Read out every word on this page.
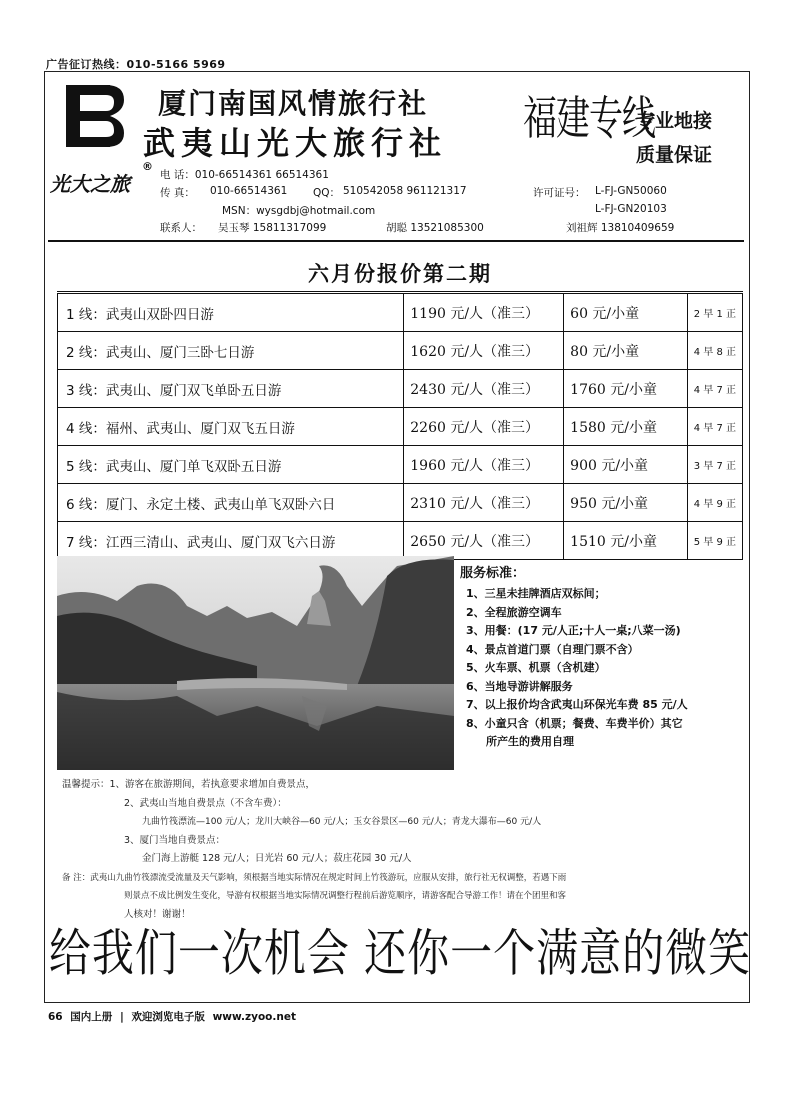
广告征订热线：010-5166 5969
光大之旅
®
厦门南国风情旅行社
武夷山光大旅行社 福建专线
专业地接
质量保证
电 话：010-66514361 66514361
传 真： 010-66514361 QQ： 510542058 961121317	许可证号： L-FJ-GN50060
L-FJ-GN20103
MSN：wysgdbj@hotmail.com
联系人： 吴玉琴 15811317099	胡聪 13521085300	刘祖辉 13810409659
六月份报价第二期
1 线：武夷山双卧四日游	1190 元/人（准三）	60 元/小童	2 早 1 正
2 线：武夷山、厦门三卧七日游	1620 元/人（准三）	80 元/小童	4 早 8 正
3 线：武夷山、厦门双飞单卧五日游	2430 元/人（准三）	1760 元/小童	4 早 7 正
4 线：福州、武夷山、厦门双飞五日游	2260 元/人（准三）	1580 元/小童	4 早 7 正
5 线：武夷山、厦门单飞双卧五日游	1960 元/人（准三）	900 元/小童	3 早 7 正
6 线：厦门、永定土楼、武夷山单飞双卧六日	2310 元/人（准三）	950 元/小童	4 早 9 正
7 线：江西三清山、武夷山、厦门双飞六日游	2650 元/人（准三）	1510 元/小童	5 早 9 正
服务标准：
1、三星未挂牌酒店双标间；
2、全程旅游空调车
3、用餐：(17 元/人正;十人一桌;八菜一汤)
4、景点首道门票（自理门票不含）
5、火车票、机票（含机建）
6、当地导游讲解服务
7、以上报价均含武夷山环保光车费 85 元/人
8、小童只含（机票；餐费、车费半价）其它
所产生的费用自理
温馨提示：1、游客在旅游期间，若执意要求增加自费景点，
2、武夷山当地自费景点（不含车费）：
九曲竹筏漂流—100 元/人；龙川大峡谷—60 元/人；玉女谷景区—60 元/人；青龙大瀑布—60 元/人
3、厦门当地自费景点：
金门海上游艇 128 元/人；日光岩 60 元/人；菽庄花园 30 元/人
备 注：武夷山九曲竹筏漂流受流量及天气影响，须根据当地实际情况在规定时间上竹筏游玩，应服从安排，旅行社无权调整，若遇下雨
则景点不成比例发生变化，导游有权根据当地实际情况调整行程前后游览顺序，请游客配合导游工作！请在个团里和客
人核对！谢谢！
给我们一次机会 还你一个满意的微笑
66 国内上册 | 欢迎浏览电子版 www.zyoo.net
